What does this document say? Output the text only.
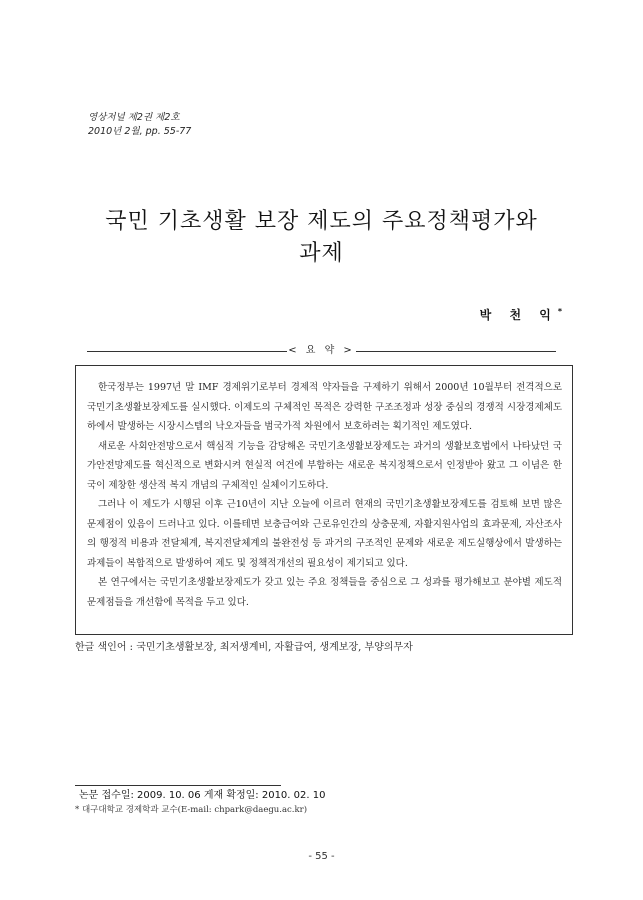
영상저널 제2권 제2호
2010년 2월, pp. 55-77
국민 기초생활 보장 제도의 주요정책평가와
과제
박 천 익*
< 요 약 >

한국정부는 1997년 말 IMF 경제위기로부터 경제적 약자들을 구제하기 위해서 2000년 10월부터 전격적으로 국민기초생활보장제도를 실시했다. 이제도의 구체적인 목적은 강력한 구조조정과 성장 중심의 경쟁적 시장경제체도하에서 발생하는 시장시스템의 낙오자들을 범국가적 차원에서 보호하려는 획기적인 제도였다.

새로운 사회안전망으로서 핵심적 기능을 감당해온 국민기초생활보장제도는 과거의 생활보호법에서 나타났던 국가안전망제도를 혁신적으로 변화시켜 현실적 여건에 부합하는 새로운 복지정책으로서 인정받아 왔고 그 이념은 한국이 제창한 생산적 복지 개념의 구체적인 실체이기도하다.

그러나 이 제도가 시행된 이후 근10년이 지난 오늘에 이르러 현재의 국민기초생활보장제도를 검토해 보면 많은 문제점이 있음이 드러나고 있다. 이를테면 보충급여와 근로유인간의 상충문제, 자활지원사업의 효과문제, 자산조사의 행정적 비용과 전달체계, 복지전달체계의 불완전성 등 과거의 구조적인 문제와 새로운 제도실행상에서 발생하는 과제들이 복합적으로 발생하여 제도 및 정책적개선의 필요성이 제기되고 있다.

본 연구에서는 국민기초생활보장제도가 갖고 있는 주요 정책들을 중심으로 그 성과를 평가해보고 분야별 제도적 문제점들을 개선함에 목적을 두고 있다.

한글 색인어 : 국민기초생활보장, 최저생계비, 자활급여, 생계보장, 부양의무자
논문 접수일: 2009. 10. 06 게재 확정일: 2010. 02. 10
* 대구대학교 경제학과 교수(E-mail: chpark@daegu.ac.kr)
- 55 -
